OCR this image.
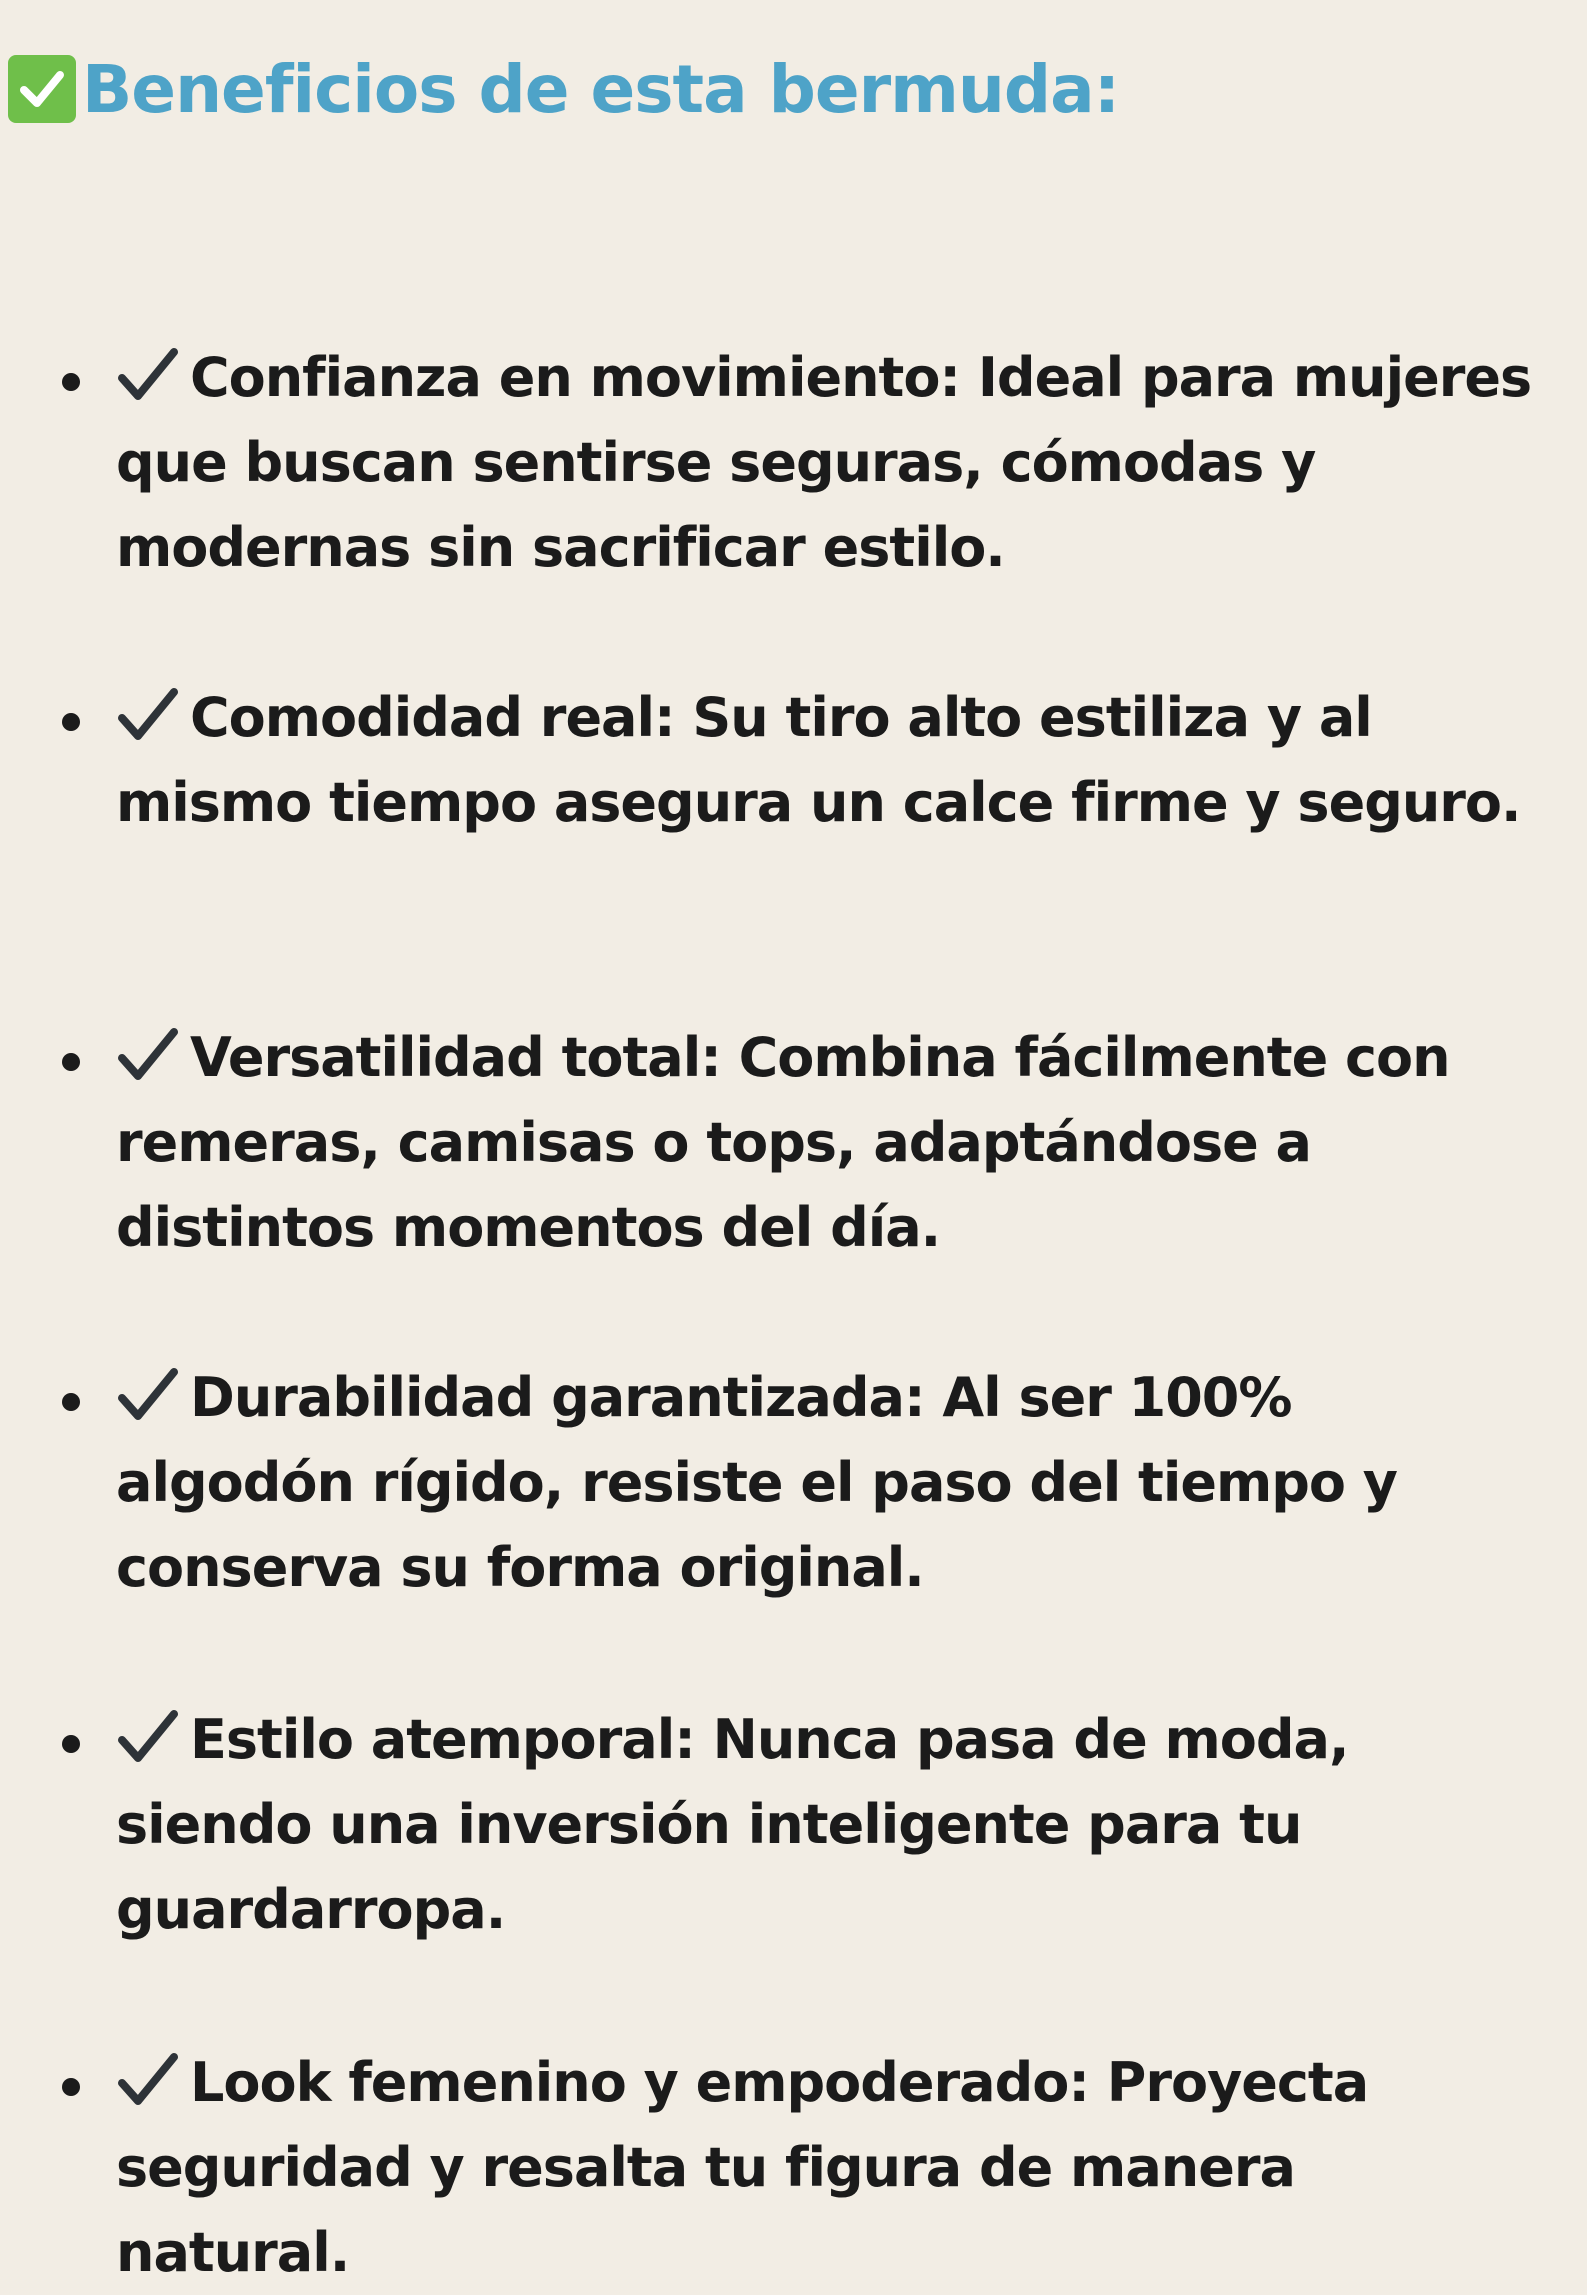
Beneficios de esta bermuda:
Confianza en movimiento: Ideal para mujeres que buscan sentirse seguras, cómodas y modernas sin sacrificar estilo.
Comodidad real: Su tiro alto estiliza y al mismo tiempo asegura un calce firme y seguro.
Versatilidad total: Combina fácilmente con remeras, camisas o tops, adaptándose a distintos momentos del día.
Durabilidad garantizada: Al ser 100% algodón rígido, resiste el paso del tiempo y conserva su forma original.
Estilo atemporal: Nunca pasa de moda, siendo una inversión inteligente para tu guardarropa.
Look femenino y empoderado: Proyecta seguridad y resalta tu figura de manera natural.
